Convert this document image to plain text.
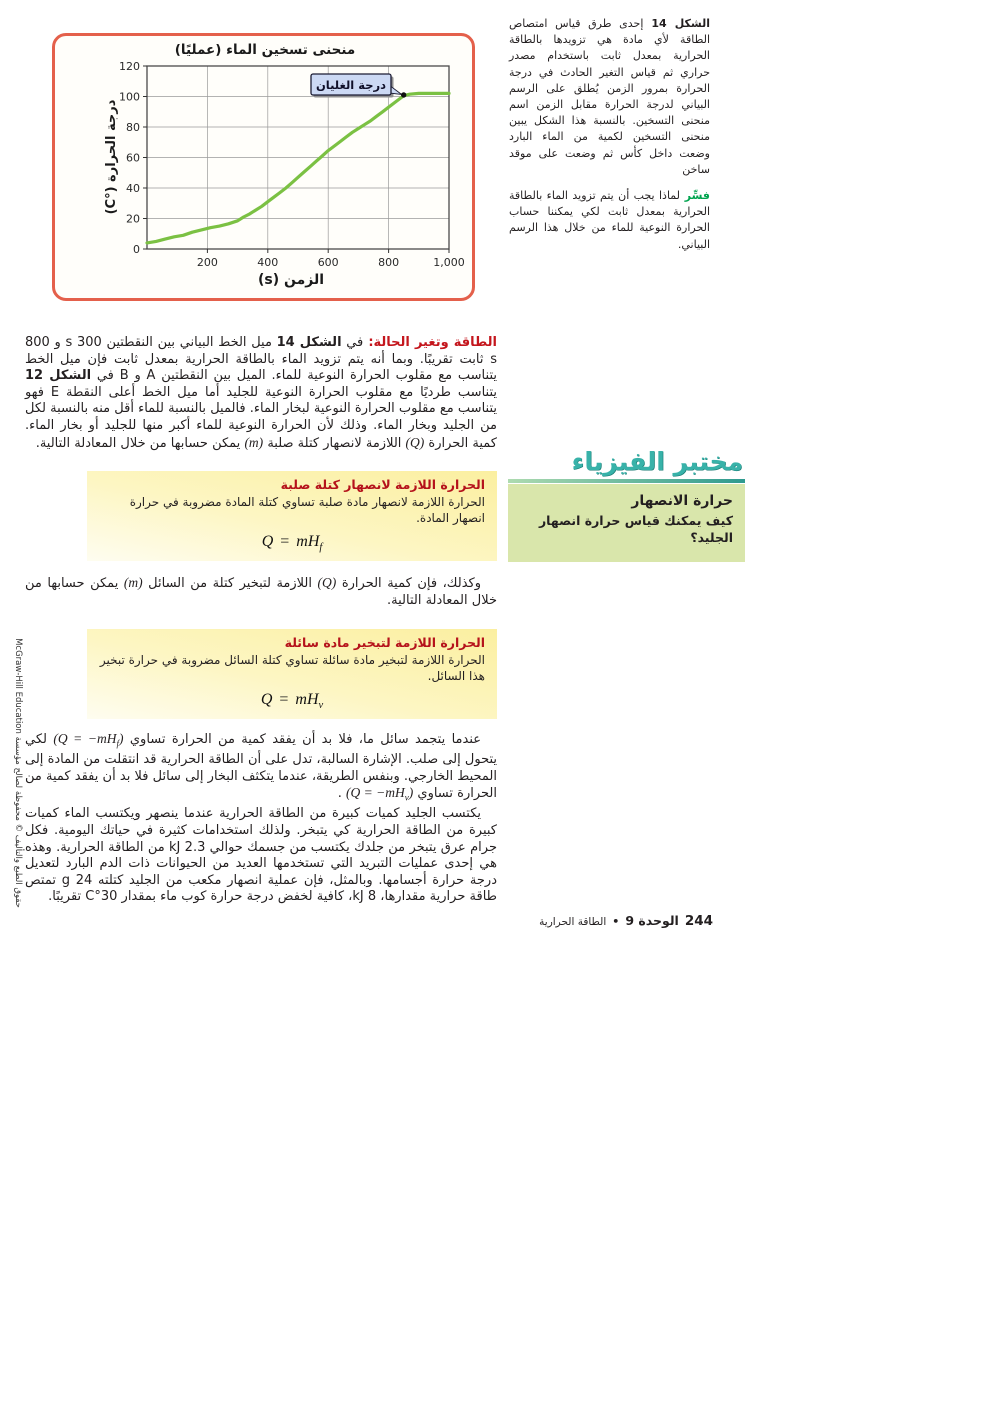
200	400	600	800	1,000
0
20
40
60
80
100
120
منحنى تسخين الماء (عمليًا)
الزمن (s)
درجة الحرارة (°C)
درجة الغليان

الشكل 14 إحدى طرق قياس امتصاص الطاقة لأي مادة هي تزويدها بالطاقة الحرارية بمعدل ثابت باستخدام مصدر حراري ثم قياس التغير الحادث في درجة الحرارة بمرور الزمن يُطلق على الرسم البياني لدرجة الحرارة مقابل الزمن اسم منحنى التسخين. بالنسبة هذا الشكل يبين منحنى التسخين لكمية من الماء البارد وضعت داخل كأس ثم وضعت على موقد ساخن

فسِّر لماذا يجب أن يتم تزويد الماء بالطاقة الحرارية بمعدل ثابت لكي يمكننا حساب الحرارة النوعية للماء من خلال هذا الرسم البياني.

الطاقة وتغير الحالة: في الشكل 14 ميل الخط البياني بين النقطتين 300 s و 800 s ثابت تقريبًا. وبما أنه يتم تزويد الماء بالطاقة الحرارية بمعدل ثابت فإن ميل الخط يتناسب مع مقلوب الحرارة النوعية للماء. الميل بين النقطتين A و B في الشكل 12 يتناسب طرديًا مع مقلوب الحرارة النوعية للجليد أما ميل الخط أعلى النقطة E فهو يتناسب مع مقلوب الحرارة النوعية لبخار الماء. فالميل بالنسبة للماء أقل منه بالنسبة لكل من الجليد وبخار الماء. وذلك لأن الحرارة النوعية للماء أكبر منها للجليد أو بخار الماء. كمية الحرارة (Q) اللازمة لانصهار كتلة صلبة (m) يمكن حسابها من خلال المعادلة التالية.

الحرارة اللازمة لانصهار كتلة صلبة
الحرارة اللازمة لانصهار مادة صلبة تساوي كتلة المادة مضروبة في حرارة انصهار المادة.
$Q = mH_f$

وكذلك، فإن كمية الحرارة (Q) اللازمة لتبخير كتلة من السائل (m) يمكن حسابها من خلال المعادلة التالية.

الحرارة اللازمة لتبخير مادة سائلة
الحرارة اللازمة لتبخير مادة سائلة تساوي كتلة السائل مضروبة في حرارة تبخير هذا السائل.
$Q = mH_v$

عندما يتجمد سائل ما، فلا بد أن يفقد كمية من الحرارة تساوي $(Q = -mH_f)$ لكي يتحول إلى صلب. الإشارة السالبة، تدل على أن الطاقة الحرارية قد انتقلت من المادة إلى المحيط الخارجي. وبنفس الطريقة، عندما يتكثف البخار إلى سائل فلا بد أن يفقد كمية من الحرارة تساوي $(Q = -mH_v)$ .

يكتسب الجليد كميات كبيرة من الطاقة الحرارية عندما ينصهر ويكتسب الماء كميات كبيرة من الطاقة الحرارية كي يتبخر. ولذلك استخدامات كثيرة في حياتك اليومية. فكل جرام عرق يتبخر من جلدك يكتسب من جسمك حوالي 2.3 kJ من الطاقة الحرارية. وهذه هي إحدى عمليات التبريد التي تستخدمها العديد من الحيوانات ذات الدم البارد لتعديل درجة حرارة أجسامها. وبالمثل، فإن عملية انصهار مكعب من الجليد كتلته 24 g تمتص طاقة حرارية مقدارها، 8 kJ، كافية لخفض درجة حرارة كوب ماء بمقدار 30°C تقريبًا.

مختبر الفيزياء
حرارة الانصهار
كيف يمكنك قياس حرارة انصهار الجليد؟
244
الوحدة 9
•
الطاقة الحرارية
حقوق الطبع والتأليف © محفوظة لصالح مؤسسة McGraw-Hill Education
